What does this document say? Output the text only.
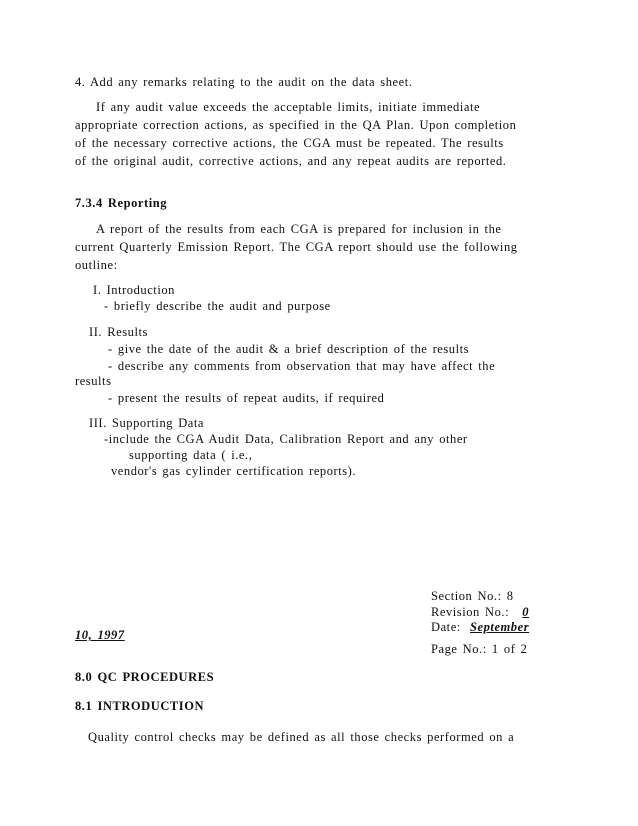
4. Add any remarks relating to the audit on the data sheet.
If any audit value exceeds the acceptable limits, initiate immediate
appropriate correction actions, as specified in the QA Plan. Upon completion
of the necessary corrective actions, the CGA must be repeated. The results
of the original audit, corrective actions, and any repeat audits are reported.
7.3.4 Reporting
A report of the results from each CGA is prepared for inclusion in the
current Quarterly Emission Report. The CGA report should use the following
outline:
I. Introduction
- briefly describe the audit and purpose
II. Results
- give the date of the audit & a brief description of the results
- describe any comments from observation that may have affect the
results
- present the results of repeat audits, if required
III. Supporting Data
-include the CGA Audit Data, Calibration Report and any other
supporting data ( i.e.,
vendor's gas cylinder certification reports).
Section No.: 8
Revision No.: 0
Date: September
10, 1997
Page No.: 1 of 2
8.0 QC PROCEDURES
8.1 INTRODUCTION
Quality control checks may be defined as all those checks performed on a
